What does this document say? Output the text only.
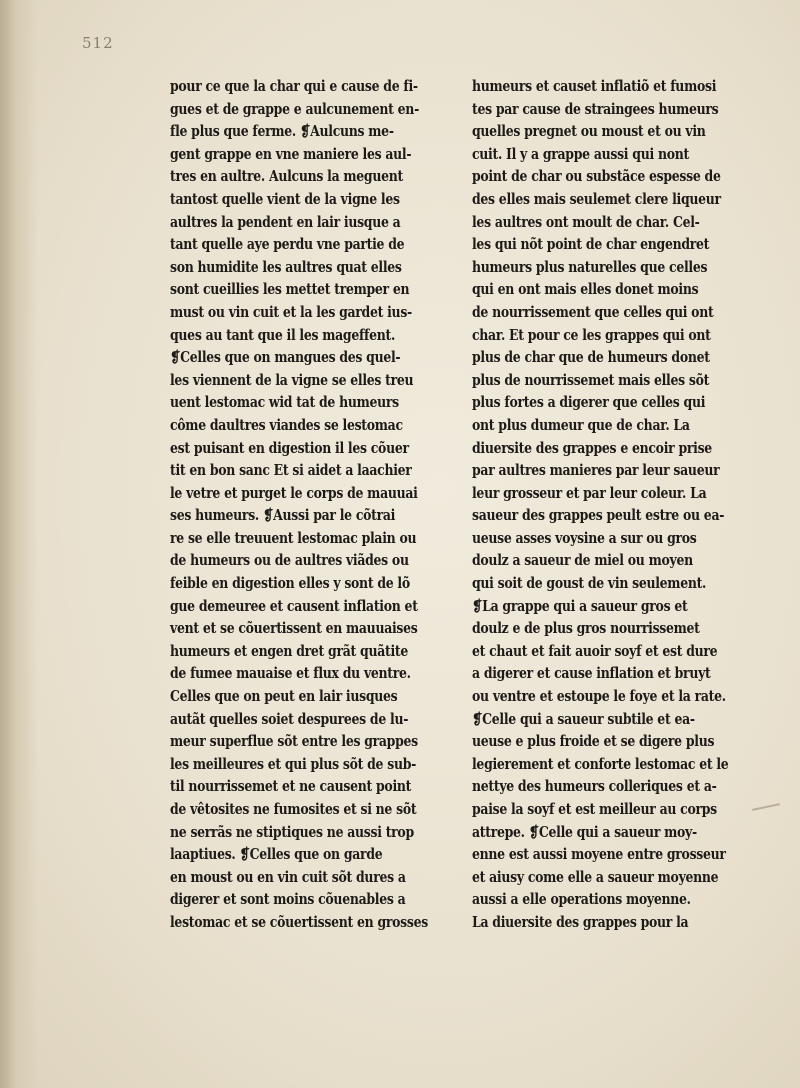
512
pour ce que la char qui e cause de fi-
gues et de grappe e aulcunement en-
fle plus que ferme. ❡Aulcuns me-
gent grappe en vne maniere les aul-
tres en aultre. Aulcuns la meguent
tantost quelle vient de la vigne les
aultres la pendent en lair iusque a
tant quelle aye perdu vne partie de
son humidite les aultres quat elles
sont cueillies les mettet tremper en
must ou vin cuit et la les gardet ius-
ques au tant que il les mageffent.
❡Celles que on mangues des quel-
les viennent de la vigne se elles treu
uent lestomac wid tat de humeurs
côme daultres viandes se lestomac
est puisant en digestion il les cõuer
tit en bon sanc Et si aidet a laachier
le vetre et purget le corps de mauuai
ses humeurs. ❡Aussi par le cõtrai
re se elle treuuent lestomac plain ou
de humeurs ou de aultres viãdes ou
feible en digestion elles y sont de lõ
gue demeuree et causent inflation et
vent et se cõuertissent en mauuaises
humeurs et engen dret grãt quãtite
de fumee mauaise et flux du ventre.
Celles que on peut en lair iusques
autãt quelles soiet despurees de lu-
meur superflue sõt entre les grappes
les meilleures et qui plus sõt de sub-
til nourrissemet et ne causent point
de vêtosites ne fumosites et si ne sõt
ne serrãs ne stiptiques ne aussi trop
laaptiues. ❡Celles que on garde
en moust ou en vin cuit sõt dures a
digerer et sont moins cõuenables a
lestomac et se cõuertissent en grosses
humeurs et causet inflatiõ et fumosi
tes par cause de straingees humeurs
quelles pregnet ou moust et ou vin
cuit. Il y a grappe aussi qui nont
point de char ou substãce espesse de
des elles mais seulemet clere liqueur
les aultres ont moult de char. Cel-
les qui nõt point de char engendret
humeurs plus naturelles que celles
qui en ont mais elles donet moins
de nourrissement que celles qui ont
char. Et pour ce les grappes qui ont
plus de char que de humeurs donet
plus de nourrissemet mais elles sõt
plus fortes a digerer que celles qui
ont plus dumeur que de char. La
diuersite des grappes e encoir prise
par aultres manieres par leur saueur
leur grosseur et par leur coleur. La
saueur des grappes peult estre ou ea-
ueuse asses voysine a sur ou gros
doulz a saueur de miel ou moyen
qui soit de goust de vin seulement.
❡La grappe qui a saueur gros et
doulz e de plus gros nourrissemet
et chaut et fait auoir soyf et est dure
a digerer et cause inflation et bruyt
ou ventre et estoupe le foye et la rate.
❡Celle qui a saueur subtile et ea-
ueuse e plus froide et se digere plus
legierement et conforte lestomac et le
nettye des humeurs colleriques et a-
paise la soyf et est meilleur au corps
attrepe. ❡Celle qui a saueur moy-
enne est aussi moyene entre grosseur
et aiusy come elle a saueur moyenne
aussi a elle operations moyenne.
La diuersite des grappes pour la
